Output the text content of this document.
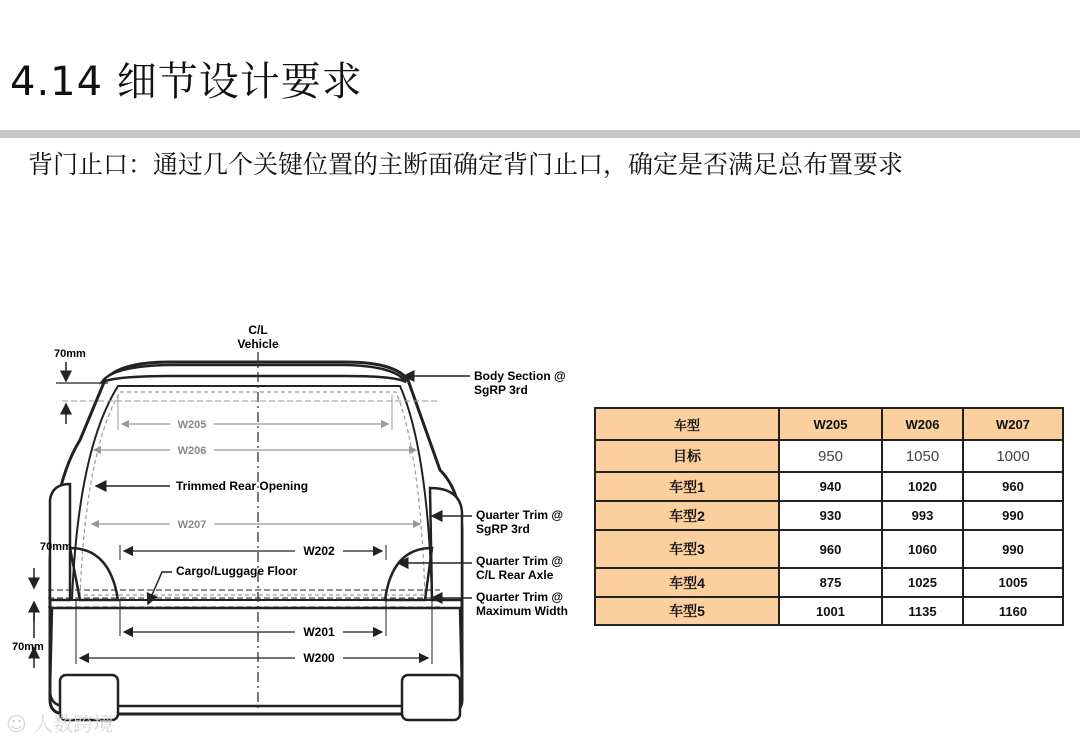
4.14 细节设计要求
背门止口：通过几个关键位置的主断面确定背门止口，确定是否满足总布置要求
C/L
Vehicle
70mm
70mm
70mm
W205
W206
Trimmed Rear Opening
W207
W202
Cargo/Luggage Floor
W201
W200
Body Section @
SgRP 3rd
Quarter Trim @
SgRP 3rd
Quarter Trim @
C/L Rear Axle
Quarter Trim @
Maximum Width
车型	W205	W206	W207
目标	950	1050	1000
车型1	940	1020	960
车型2	930	993	990
车型3	960	1060	990
车型4	875	1025	1005
车型5	1001	1135	1160
☺ 人数跨境
